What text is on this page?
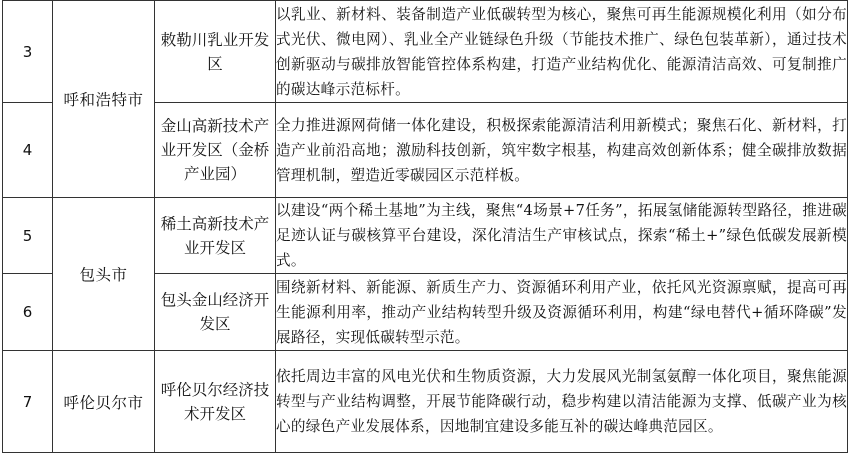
3	呼和浩特市	敕勒川乳业开发区	以乳业、新材料、装备制造产业低碳转型为核心，聚焦可再生能源规模化利用（如分布式光伏、微电网）、乳业全产业链绿色升级（节能技术推广、绿色包装革新），通过技术创新驱动与碳排放智能管控体系构建，打造产业结构优化、能源清洁高效、可复制推广的碳达峰示范标杆。
4		金山高新技术产业开发区（金桥产业园）	全力推进源网荷储一体化建设，积极探索能源清洁利用新模式；聚焦石化、新材料，打造产业前沿高地；激励科技创新，筑牢数字根基，构建高效创新体系；健全碳排放数据管理机制，塑造近零碳园区示范样板。
5	包头市	稀土高新技术产业开发区	以建设“两个稀土基地”为主线，聚焦“4场景+7任务”，拓展氢储能源转型路径，推进碳足迹认证与碳核算平台建设，深化清洁生产审核试点，探索“稀土+”绿色低碳发展新模式。
6		包头金山经济开发区	围绕新材料、新能源、新质生产力、资源循环利用产业，依托风光资源禀赋，提高可再生能源利用率，推动产业结构转型升级及资源循环利用，构建“绿电替代+循环降碳”发展路径，实现低碳转型示范。
7	呼伦贝尔市	呼伦贝尔经济技术开发区	依托周边丰富的风电光伏和生物质资源，大力发展风光制氢氨醇一体化项目，聚焦能源转型与产业结构调整，开展节能降碳行动，稳步构建以清洁能源为支撑、低碳产业为核心的绿色产业发展体系，因地制宜建设多能互补的碳达峰典范园区。
